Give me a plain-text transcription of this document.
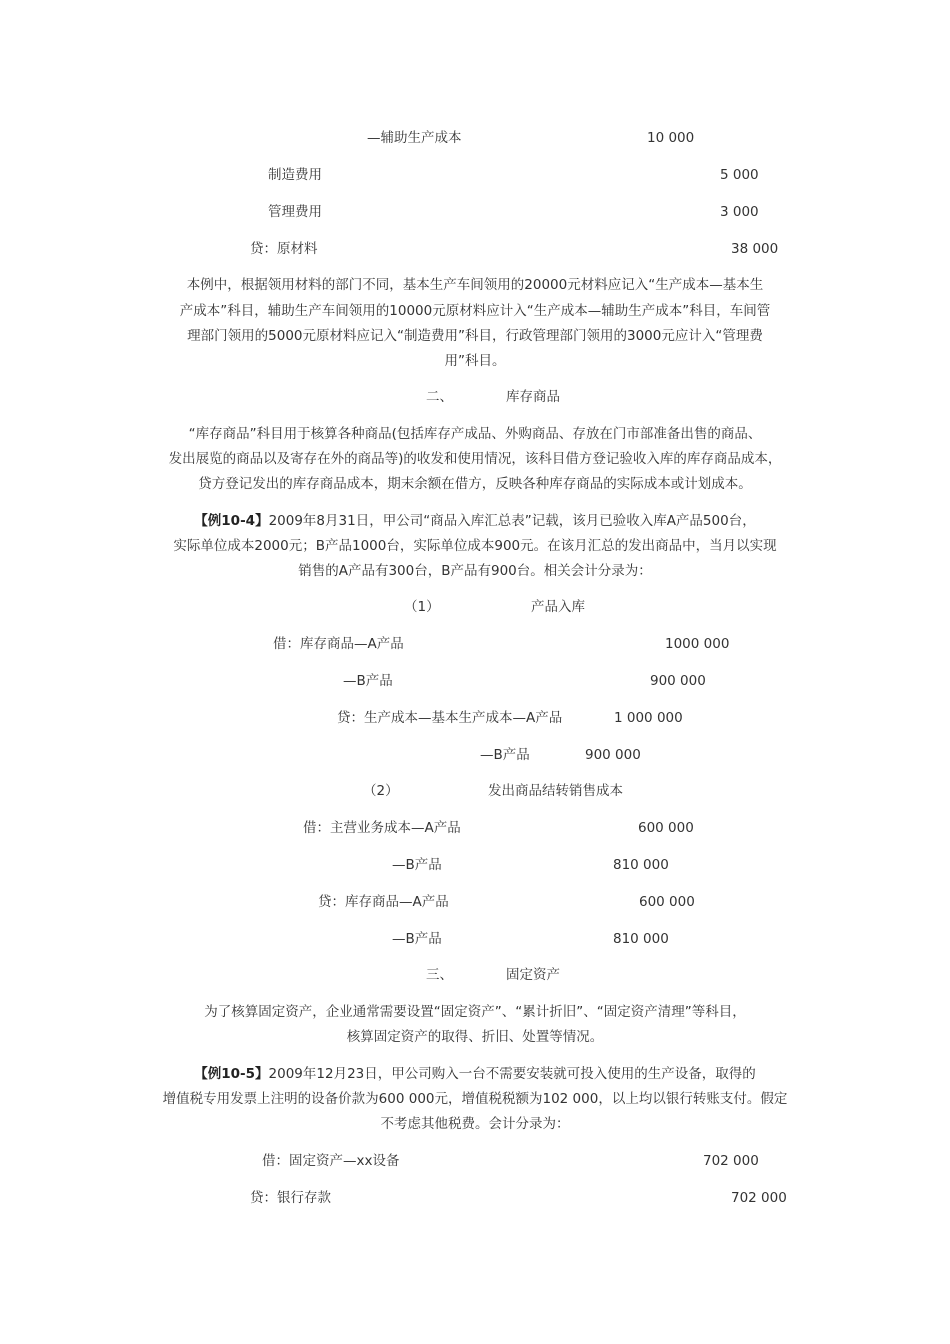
—辅助生产成本	10 000
制造费用	5 000
管理费用	3 000
贷：原材料	38 000
本例中，根据领用材料的部门不同，基本生产车间领用的20000元材料应记入“生产成本—基本生
产成本”科目，辅助生产车间领用的10000元原材料应计入“生产成本—辅助生产成本”科目，车间管
理部门领用的5000元原材料应记入“制造费用”科目，行政管理部门领用的3000元应计入“管理费
用”科目。
二、	库存商品
“库存商品”科目用于核算各种商品(包括库存产成品、外购商品、存放在门市部准备出售的商品、
发出展览的商品以及寄存在外的商品等)的收发和使用情况，该科目借方登记验收入库的库存商品成本，
贷方登记发出的库存商品成本，期末余额在借方，反映各种库存商品的实际成本或计划成本。
【例10-4】2009年8月31日，甲公司“商品入库汇总表”记载，该月已验收入库A产品500台，
实际单位成本2000元；B产品1000台，实际单位成本900元。在该月汇总的发出商品中，当月以实现
销售的A产品有300台，B产品有900台。相关会计分录为：
（1）	产品入库
借：库存商品—A产品	1000 000
—B产品	900 000
贷：生产成本—基本生产成本—A产品	1 000 000
—B产品	900 000
（2）	发出商品结转销售成本
借：主营业务成本—A产品	600 000
—B产品	810 000
贷：库存商品—A产品	600 000
—B产品	810 000
三、	固定资产
为了核算固定资产，企业通常需要设置“固定资产”、“累计折旧”、“固定资产清理”等科目，
核算固定资产的取得、折旧、处置等情况。
【例10-5】2009年12月23日，甲公司购入一台不需要安装就可投入使用的生产设备，取得的
增值税专用发票上注明的设备价款为600 000元，增值税税额为102 000，以上均以银行转账支付。假定
不考虑其他税费。会计分录为：
借：固定资产—xx设备	702 000
贷：银行存款	702 000
